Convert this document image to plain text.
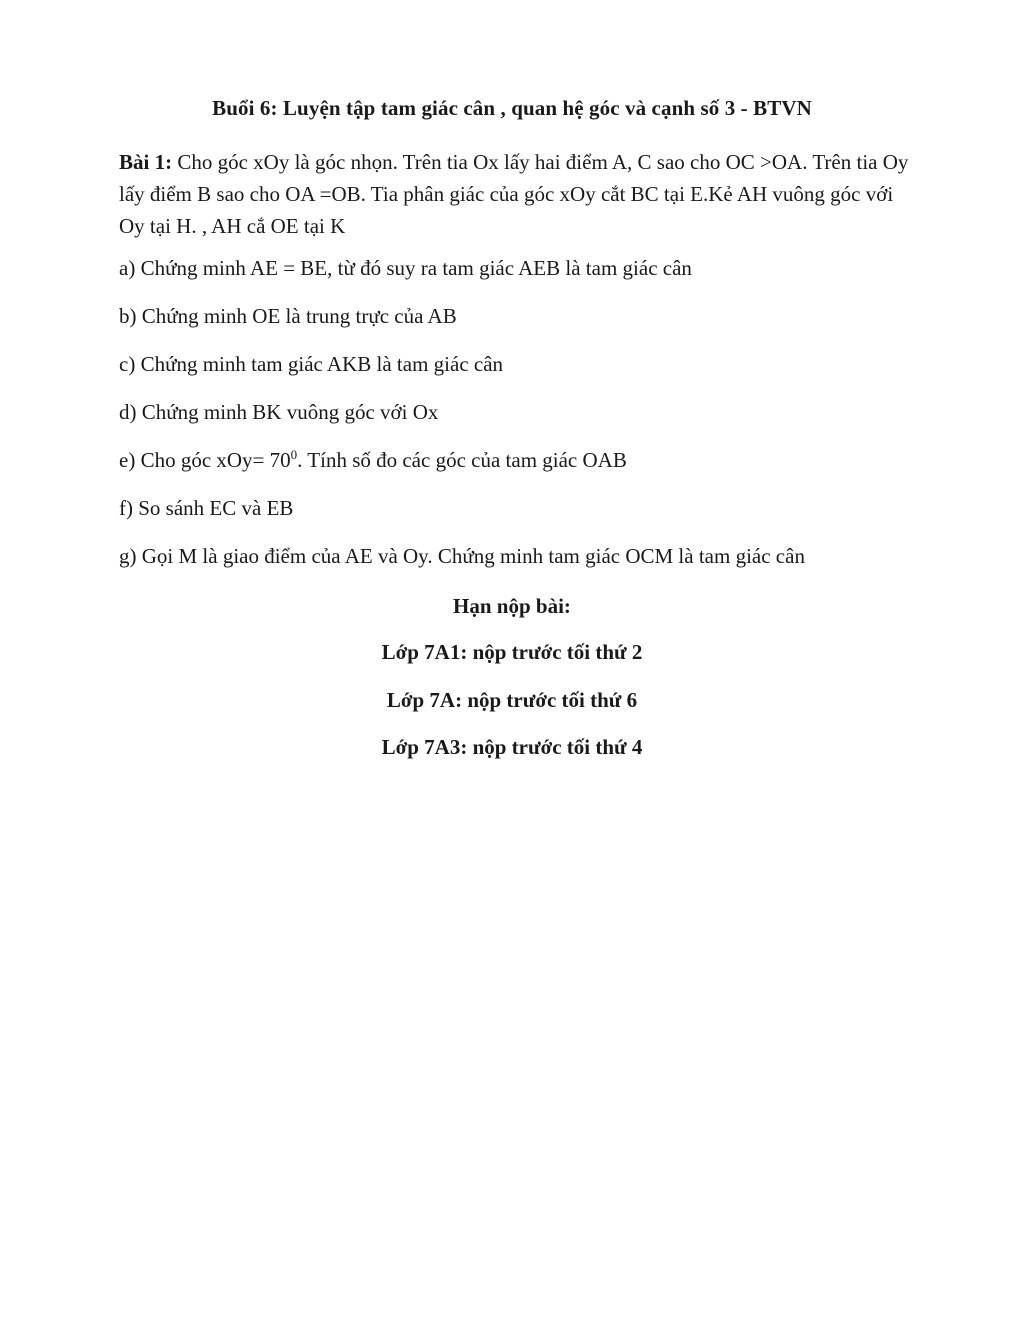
Buổi 6: Luyện tập tam giác cân , quan hệ góc và cạnh số 3 - BTVN
Bài 1: Cho góc xOy là góc nhọn. Trên tia Ox lấy hai điểm A, C sao cho OC >OA. Trên tia Oy lấy điểm B sao cho OA =OB. Tia phân giác của góc xOy cắt BC tại E.Kẻ AH vuông góc với Oy tại H. , AH cắ OE tại K
a) Chứng minh AE = BE, từ đó suy ra tam giác AEB là tam giác cân
b) Chứng minh OE là trung trực của AB
c) Chứng minh tam giác AKB là tam giác cân
d) Chứng minh BK vuông góc với Ox
e) Cho góc $xOy= 70^0$. Tính số đo các góc của tam giác OAB
f) So sánh EC và EB
g) Gọi M là giao điểm của AE và Oy. Chứng minh tam giác OCM là tam giác cân
Hạn nộp bài:
Lớp 7A1: nộp trước tối thứ 2
Lớp 7A: nộp trước tối thứ 6
Lớp 7A3: nộp trước tối thứ 4
